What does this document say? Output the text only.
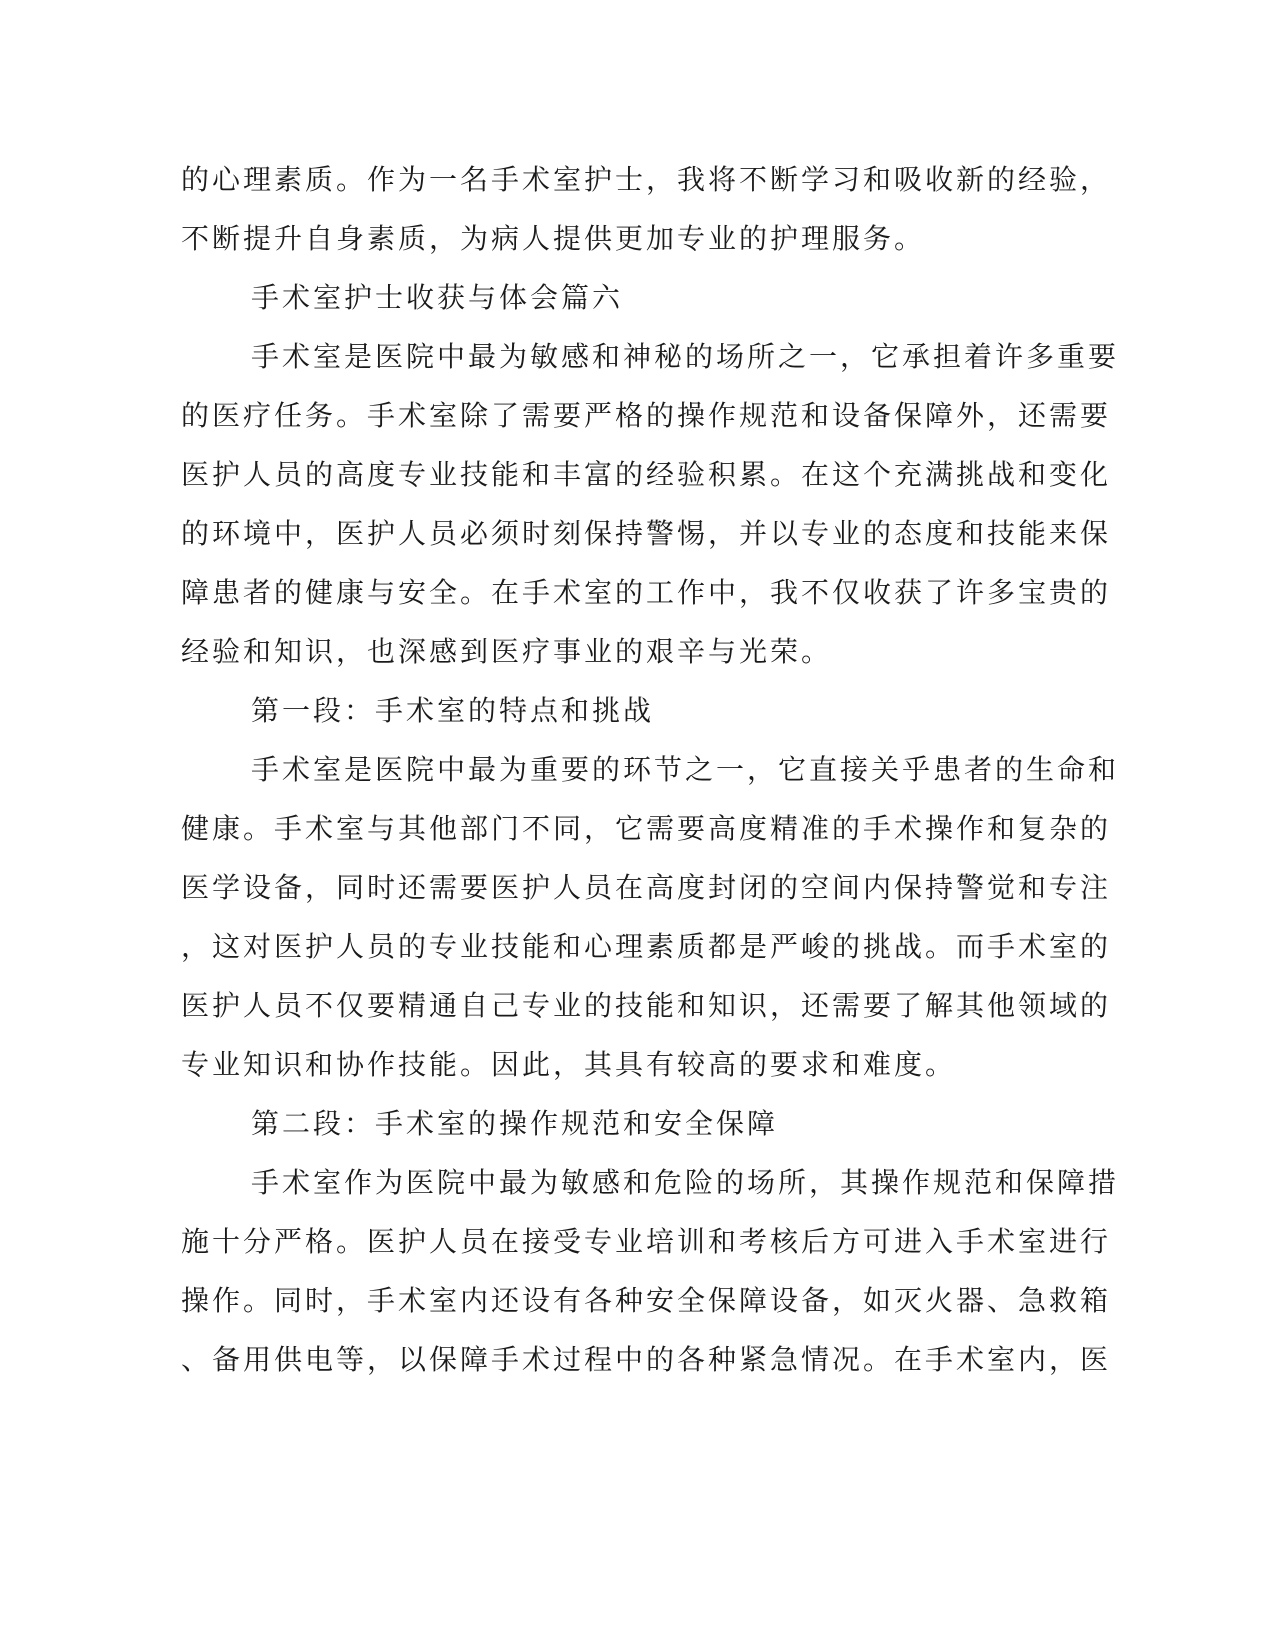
的心理素质。作为一名手术室护士，我将不断学习和吸收新的经验，

不断提升自身素质，为病人提供更加专业的护理服务。

手术室护士收获与体会篇六

手术室是医院中最为敏感和神秘的场所之一，它承担着许多重要

的医疗任务。手术室除了需要严格的操作规范和设备保障外，还需要

医护人员的高度专业技能和丰富的经验积累。在这个充满挑战和变化

的环境中，医护人员必须时刻保持警惕，并以专业的态度和技能来保

障患者的健康与安全。在手术室的工作中，我不仅收获了许多宝贵的

经验和知识，也深感到医疗事业的艰辛与光荣。

第一段：手术室的特点和挑战

手术室是医院中最为重要的环节之一，它直接关乎患者的生命和

健康。手术室与其他部门不同，它需要高度精准的手术操作和复杂的

医学设备，同时还需要医护人员在高度封闭的空间内保持警觉和专注

，这对医护人员的专业技能和心理素质都是严峻的挑战。而手术室的

医护人员不仅要精通自己专业的技能和知识，还需要了解其他领域的

专业知识和协作技能。因此，其具有较高的要求和难度。

第二段：手术室的操作规范和安全保障

手术室作为医院中最为敏感和危险的场所，其操作规范和保障措

施十分严格。医护人员在接受专业培训和考核后方可进入手术室进行

操作。同时，手术室内还设有各种安全保障设备，如灭火器、急救箱

、备用供电等，以保障手术过程中的各种紧急情况。在手术室内，医
